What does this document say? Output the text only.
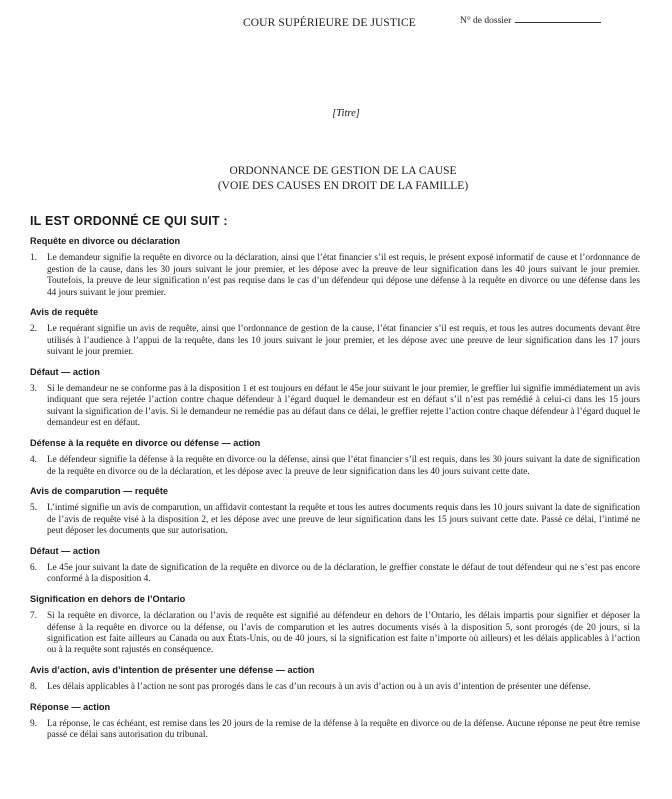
COUR SUPÉRIEURE DE JUSTICE	N° de dossier
[Titre]
ORDONNANCE DE GESTION DE LA CAUSE
(VOIE DES CAUSES EN DROIT DE LA FAMILLE)
IL EST ORDONNÉ CE QUI SUIT :
Requête en divorce ou déclaration
1.	Le demandeur signifie la requête en divorce ou la déclaration, ainsi que l’état financier s’il est requis, le présent exposé informatif de cause et l’ordonnance de gestion de la cause, dans les 30 jours suivant le jour premier, et les dépose avec la preuve de leur signification dans les 40 jours suivant le jour premier. Toutefois, la preuve de leur signification n’est pas requise dans le cas d’un défendeur qui dépose une défense à la requête en divorce ou une défense dans les 44 jours suivant le jour premier.
Avis de requête
2.	Le requérant signifie un avis de requête, ainsi que l’ordonnance de gestion de la cause, l’état financier s’il est requis, et tous les autres documents devant être utilisés à l’audience à l’appui de la requête, dans les 10 jours suivant le jour premier, et les dépose avec une preuve de leur signification dans les 17 jours suivant le jour premier.
Défaut — action
3.	Si le demandeur ne se conforme pas à la disposition 1 et est toujours en défaut le 45e jour suivant le jour premier, le greffier lui signifie immédiatement un avis indiquant que sera rejetée l’action contre chaque défendeur à l’égard duquel le demandeur est en défaut s’il n’est pas remédié à celui-ci dans les 15 jours suivant la signification de l’avis. Si le demandeur ne remédie pas au défaut dans ce délai, le greffier rejette l’action contre chaque défendeur à l’égard duquel le demandeur est en défaut.
Défense à la requête en divorce ou défense — action
4.	Le défendeur signifie la défense à la requête en divorce ou la défense, ainsi que l’état financier s’il est requis, dans les 30 jours suivant la date de signification de la requête en divorce ou de la déclaration, et les dépose avec la preuve de leur signification dans les 40 jours suivant cette date.
Avis de comparution — requête
5.	L’intimé signifie un avis de comparution, un affidavit contestant la requête et tous les autres documents requis dans les 10 jours suivant la date de signification de l’avis de requête visé à la disposition 2, et les dépose avec une preuve de leur signification dans les 15 jours suivant cette date. Passé ce délai, l’intimé ne peut déposer les documents que sur autorisation.
Défaut — action
6.	Le 45e jour suivant la date de signification de la requête en divorce ou de la déclaration, le greffier constate le défaut de tout défendeur qui ne s’est pas encore conformé à la disposition 4.
Signification en dehors de l’Ontario
7.	Si la requête en divorce, la déclaration ou l’avis de requête est signifié au défendeur en dehors de l’Ontario, les délais impartis pour signifier et déposer la défense à la requête en divorce ou la défense, ou l’avis de comparution et les autres documents visés à la disposition 5, sont prorogés (de 20 jours, si la signification est faite ailleurs au Canada ou aux États-Unis, ou de 40 jours, si la signification est faite n’importe où ailleurs) et les délais applicables à l’action ou à la requête sont rajustés en conséquence.
Avis d’action, avis d’intention de présenter une défense — action
8.	Les délais applicables à l’action ne sont pas prorogés dans le cas d’un recours à un avis d’action ou à un avis d’intention de présenter une défense.
Réponse — action
9.	La réponse, le cas échéant, est remise dans les 20 jours de la remise de la défense à la requête en divorce ou de la défense. Aucune réponse ne peut être remise passé ce délai sans autorisation du tribunal.
